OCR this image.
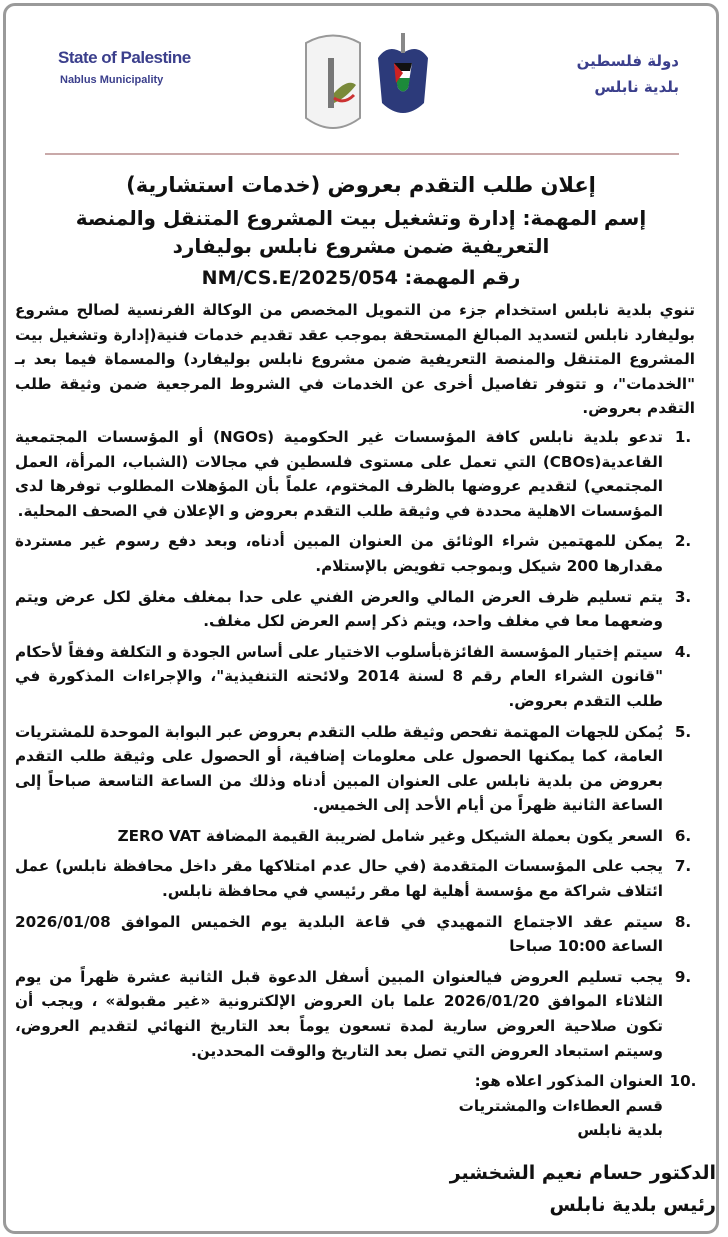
State of Palestine
Nablus Municipality
دولة فلسطين
بلدية نابلس
إعلان طلب التقدم بعروض (خدمات استشارية)
إسم المهمة: إدارة وتشغيل بيت المشروع المتنقل والمنصة التعريفية ضمن مشروع نابلس بوليفارد
رقم المهمة: NM/CS.E/2025/054
تنوي بلدية نابلس استخدام جزء من التمويل المخصص من الوكالة الفرنسية لصالح مشروع بوليفارد نابلس لتسديد المبالغ المستحقة بموجب عقد تقديم خدمات فنية(إدارة وتشغيل بيت المشروع المتنقل والمنصة التعريفية ضمن مشروع نابلس بوليفارد) والمسماة فيما بعد بـ "الخدمات"، و تتوفر تفاصيل أخرى عن الخدمات في الشروط المرجعية ضمن وثيقة طلب التقدم بعروض.
1.
تدعو بلدية نابلس كافة المؤسسات غير الحكومية (NGOs) أو المؤسسات المجتمعية القاعدية(CBOs) التي تعمل على مستوى فلسطين في مجالات (الشباب، المرأة، العمل المجتمعي) لتقديم عروضها بالظرف المختوم، علماً بأن المؤهلات المطلوب توفرها لدى المؤسسات الاهلية محددة في وثيقة طلب التقدم بعروض و الإعلان في الصحف المحلية.
2.
يمكن للمهتمين شراء الوثائق من العنوان المبين أدناه، وبعد دفع رسوم غير مستردة مقدارها 200 شيكل وبموجب تفويض بالإستلام.
3.
يتم تسليم ظرف العرض المالي والعرض الفني على حدا بمغلف مغلق لكل عرض ويتم وضعهما معا في مغلف واحد، ويتم ذكر إسم العرض لكل مغلف.
4.
سيتم إختيار المؤسسة الفائزةبأسلوب الاختيار على أساس الجودة و التكلفة وفقاً لأحكام "قانون الشراء العام رقم 8 لسنة 2014 ولائحته التنفيذية"، والإجراءات المذكورة في طلب التقدم بعروض.
5.
يُمكن للجهات المهتمة تفحص وثيقة طلب التقدم بعروض عبر البوابة الموحدة للمشتريات العامة، كما يمكنها الحصول على معلومات إضافية، أو الحصول على وثيقة طلب التقدم بعروض من بلدية نابلس على العنوان المبين أدناه وذلك من الساعة التاسعة صباحاً إلى الساعة الثانية ظهراً من أيام الأحد إلى الخميس.
6.
السعر يكون بعملة الشيكل وغير شامل لضريبة القيمة المضافة ZERO VAT
7.
يجب على المؤسسات المتقدمة (في حال عدم امتلاكها مقر داخل محافظة نابلس) عمل ائتلاف شراكة مع مؤسسة أهلية لها مقر رئيسي في محافظة نابلس.
8.
سيتم عقد الاجتماع التمهيدي في قاعة البلدية يوم الخميس الموافق 2026/01/08 الساعة 10:00 صباحا
9.
يجب تسليم العروض فيالعنوان المبين أسفل الدعوة قبل الثانية عشرة ظهراً من يوم الثلاثاء الموافق 2026/01/20 علما بان العروض الإلكترونية «غير مقبولة» ، ويجب أن تكون صلاحية العروض سارية لمدة تسعون يوماً بعد التاريخ النهائي لتقديم العروض، وسيتم استبعاد العروض التي تصل بعد التاريخ والوقت المحددين.
10.
العنوان المذكور اعلاه هو:
قسم العطاءات والمشتريات
بلدية نابلس
الدكتور حسام نعيم الشخشير
رئيس بلدية نابلس
